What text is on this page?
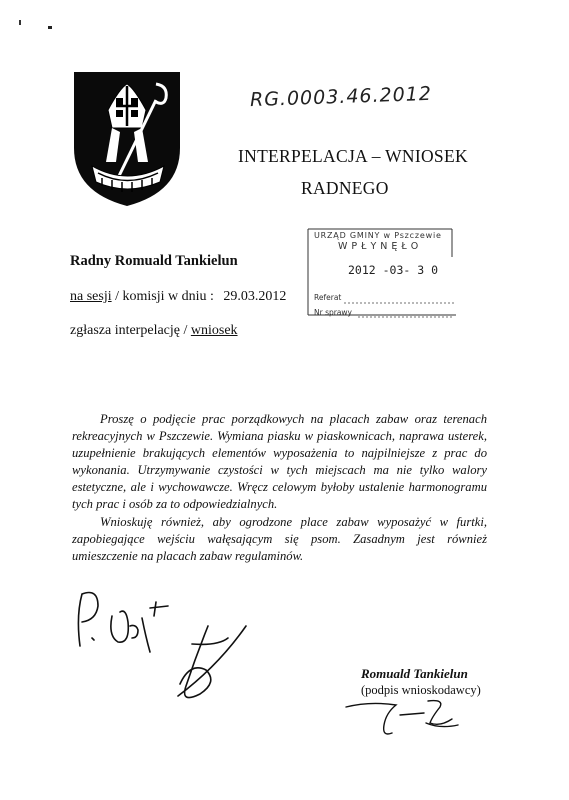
RG.0003.46.2012
INTERPELACJA – WNIOSEK
RADNEGO
URZĄD GMINY w Pszczewie
WPŁYNĘŁO
2012 -03- 3 0
Referat
Nr sprawy
Radny Romuald Tankielun
na sesji / komisji w dniu : 29.03.2012
zgłasza interpelację / wniosek

Proszę o podjęcie prac porządkowych na placach zabaw oraz terenach rekreacyjnych w Pszczewie. Wymiana piasku w piaskownicach, naprawa usterek, uzupełnienie brakujących elementów wyposażenia to najpilniejsze z prac do wykonania. Utrzymywanie czystości w tych miejscach ma nie tylko walory estetyczne, ale i wychowawcze. Wręcz celowym byłoby ustalenie harmonogramu tych prac i osób za to odpowiedzialnych.

Wnioskuję również, aby ogrodzone place zabaw wyposażyć w furtki, zapobiegające wejściu wałęsającym się psom. Zasadnym jest również umieszczenie na placach zabaw regulaminów.

Romuald Tankielun
(podpis wnioskodawcy)
